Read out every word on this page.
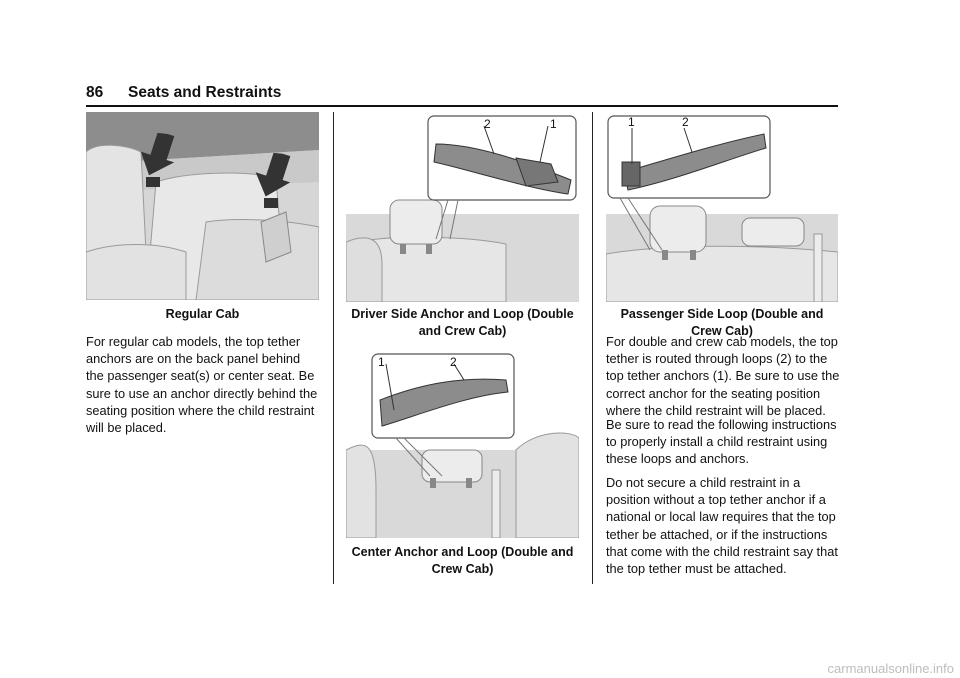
86 Seats and Restraints
Regular Cab

For regular cab models, the top tether anchors are on the back panel behind the passenger seat(s) or center seat. Be sure to use an anchor directly behind the seating position where the child restraint will be placed.

2	1
Driver Side Anchor and Loop (Double and Crew Cab)
1	2
Center Anchor and Loop (Double and Crew Cab)
1	2
Passenger Side Loop (Double and Crew Cab)

For double and crew cab models, the top tether is routed through loops (2) to the top tether anchors (1). Be sure to use the correct anchor for the seating position where the child restraint will be placed.

Be sure to read the following instructions to properly install a child restraint using these loops and anchors.

Do not secure a child restraint in a position without a top tether anchor if a national or local law requires that the top tether be attached, or if the instructions that come with the child restraint say that the top tether must be attached.

carmanualsonline.info
